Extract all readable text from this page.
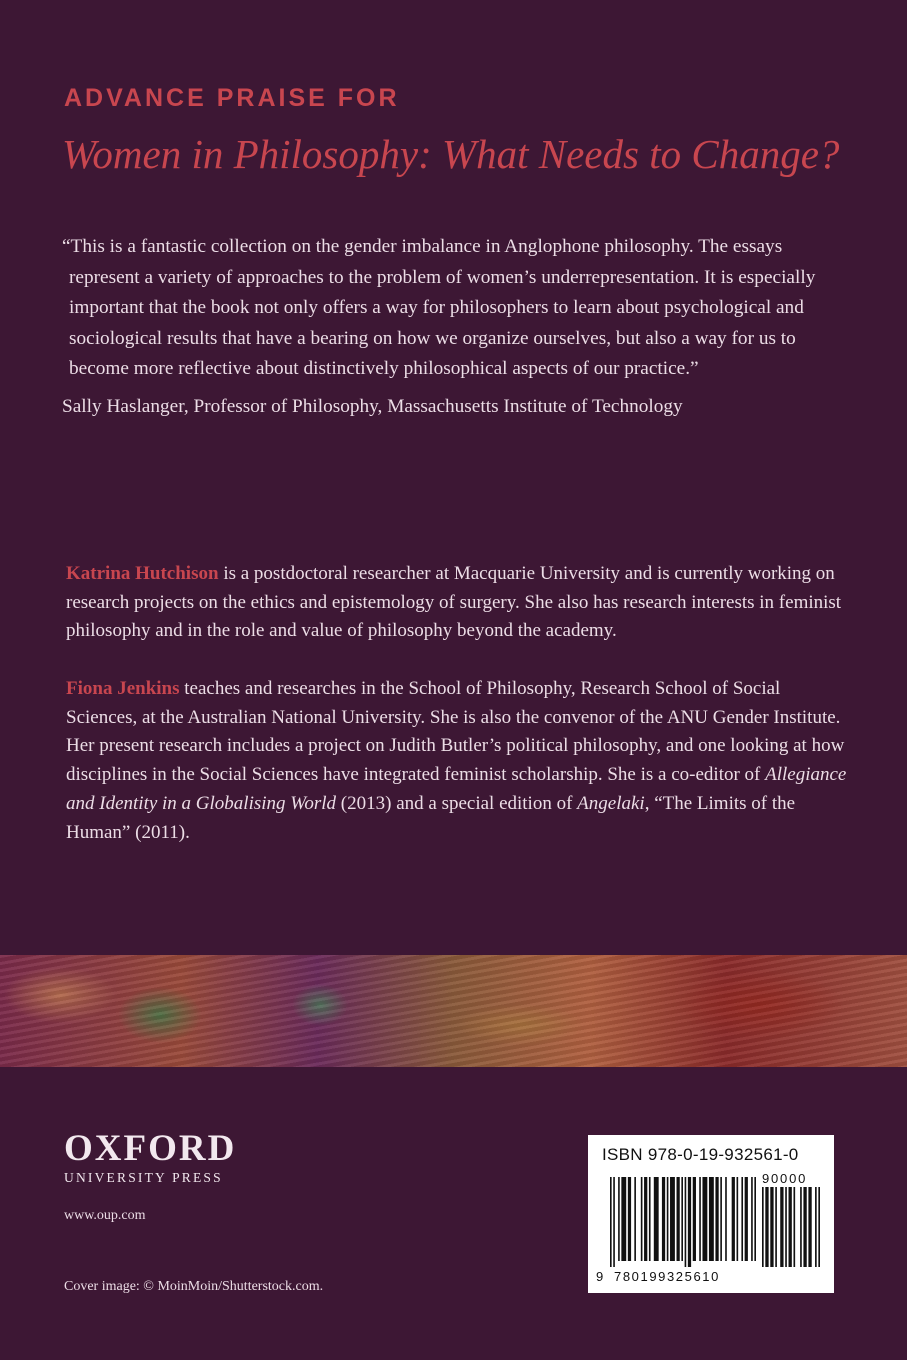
ADVANCE PRAISE FOR
Women in Philosophy: What Needs to Change?

“This is a fantastic collection on the gender imbalance in Anglophone philosophy. The essays represent a variety of approaches to the problem of women’s underrepresentation. It is especially important that the book not only offers a way for philosophers to learn about psychological and sociological results that have a bearing on how we organize ourselves, but also a way for us to become more reflective about distinctively philosophical aspects of our practice.”

Sally Haslanger, Professor of Philosophy, Massachusetts Institute of Technology

Katrina Hutchison is a postdoctoral researcher at Macquarie University and is currently working on research projects on the ethics and epistemology of surgery. She also has research interests in feminist philosophy and in the role and value of philosophy beyond the academy.
Fiona Jenkins teaches and researches in the School of Philosophy, Research School of Social Sciences, at the Australian National University. She is also the convenor of the ANU Gender Institute. Her present research includes a project on Judith Butler’s political philosophy, and one looking at how disciplines in the Social Sciences have integrated feminist scholarship. She is a co-editor of Allegiance and Identity in a Globalising World (2013) and a special edition of Angelaki, “The Limits of the Human” (2011).
OXFORD
UNIVERSITY PRESS
www.oup.com
Cover image: © MoinMoin/Shutterstock.com.
ISBN 978-0-19-932561-0
90000
9 780199325610
